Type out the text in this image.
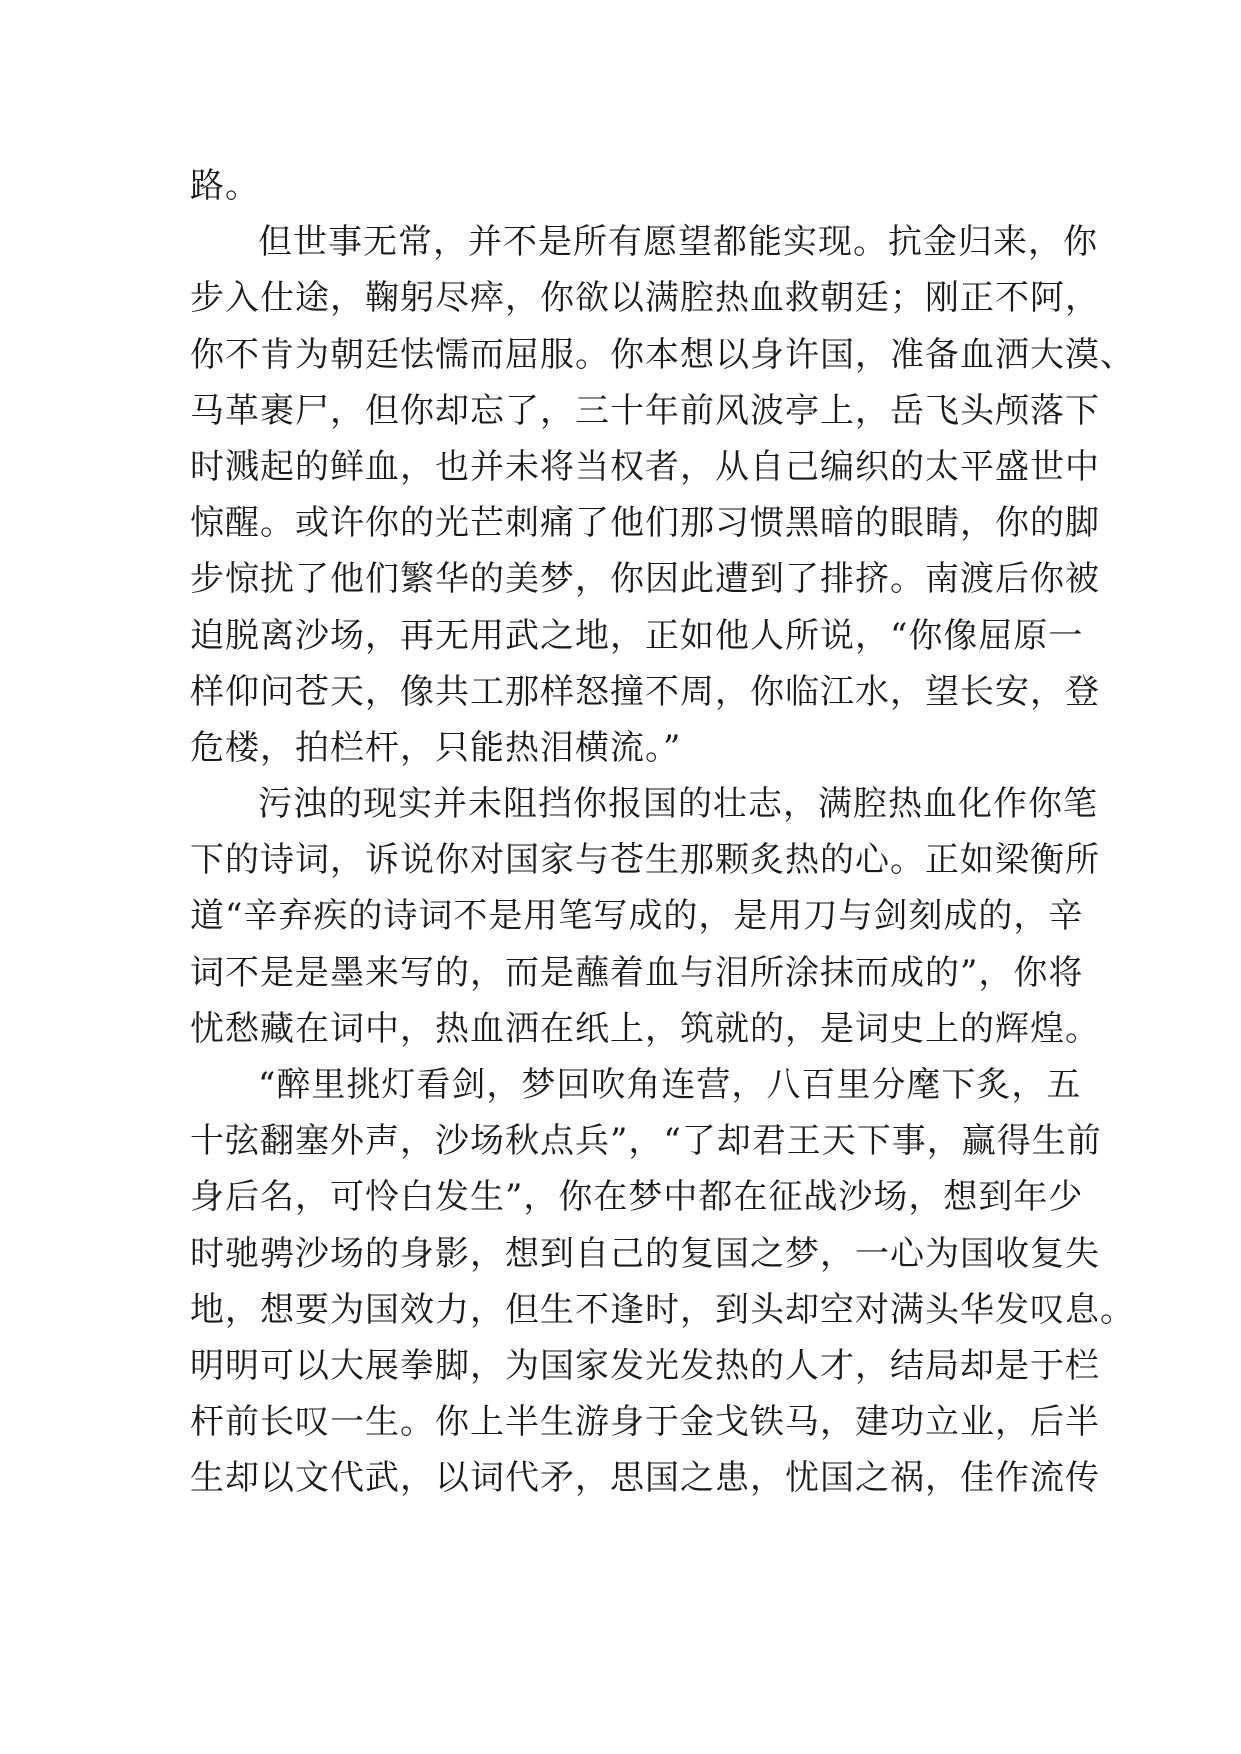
路。
但世事无常，并不是所有愿望都能实现。抗金归来，你
步入仕途，鞠躬尽瘁，你欲以满腔热血救朝廷；刚正不阿，
你不肯为朝廷怯懦而屈服。你本想以身许国，准备血洒大漠、
马革裹尸，但你却忘了，三十年前风波亭上，岳飞头颅落下
时溅起的鲜血，也并未将当权者，从自己编织的太平盛世中
惊醒。或许你的光芒刺痛了他们那习惯黑暗的眼睛，你的脚
步惊扰了他们繁华的美梦，你因此遭到了排挤。南渡后你被
迫脱离沙场，再无用武之地，正如他人所说，“你像屈原一
样仰问苍天，像共工那样怒撞不周，你临江水，望长安，登
危楼，拍栏杆，只能热泪横流。”
污浊的现实并未阻挡你报国的壮志，满腔热血化作你笔
下的诗词，诉说你对国家与苍生那颗炙热的心。正如梁衡所
道“辛弃疾的诗词不是用笔写成的，是用刀与剑刻成的，辛
词不是是墨来写的，而是蘸着血与泪所涂抹而成的”，你将
忧愁藏在词中，热血洒在纸上，筑就的，是词史上的辉煌。
“醉里挑灯看剑，梦回吹角连营，八百里分麾下炙，五
十弦翻塞外声，沙场秋点兵”，“了却君王天下事，赢得生前
身后名，可怜白发生”，你在梦中都在征战沙场，想到年少
时驰骋沙场的身影，想到自己的复国之梦，一心为国收复失
地，想要为国效力，但生不逢时，到头却空对满头华发叹息。
明明可以大展拳脚，为国家发光发热的人才，结局却是于栏
杆前长叹一生。你上半生游身于金戈铁马，建功立业，后半
生却以文代武，以词代矛，思国之患，忧国之祸，佳作流传
